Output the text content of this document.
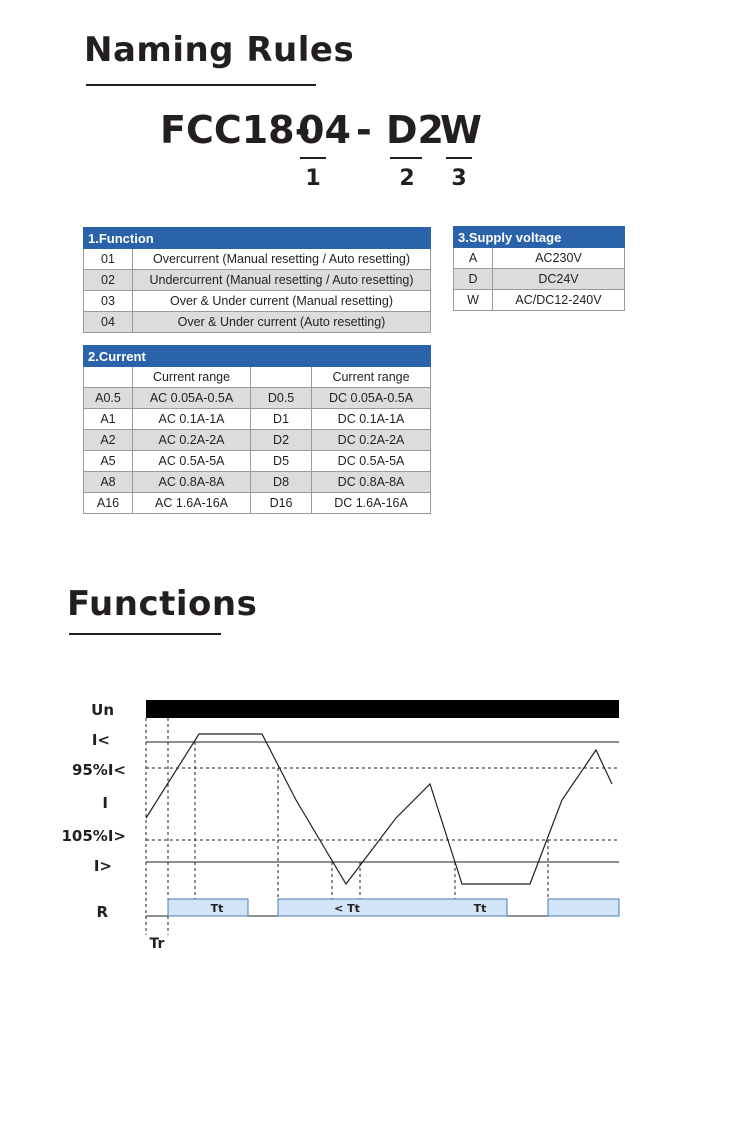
Naming Rules
FCC18-
04 - D2
W
1	2 3
1.Function	
01	Overcurrent (Manual resetting / Auto resetting)
02	Undercurrent (Manual resetting / Auto resetting)
03	Over & Under current (Manual resetting)
04	Over & Under current (Auto resetting)
3.Supply voltage	
A	AC230V
D	DC24V
W	AC/DC12-240V
2.Current			
	Current range		Current range
A0.5	AC 0.05A-0.5A	D0.5	DC 0.05A-0.5A
A1	AC 0.1A-1A	D1	DC 0.1A-1A
A2	AC 0.2A-2A	D2	DC 0.2A-2A
A5	AC 0.5A-5A	D5	DC 0.5A-5A
A8	AC 0.8A-8A	D8	DC 0.8A-8A
A16	AC 1.6A-16A	D16	DC 1.6A-16A
Functions
Un
I<
95%I<
I
105%I>
I>
R	Tt	< Tt	Tt
Tr
